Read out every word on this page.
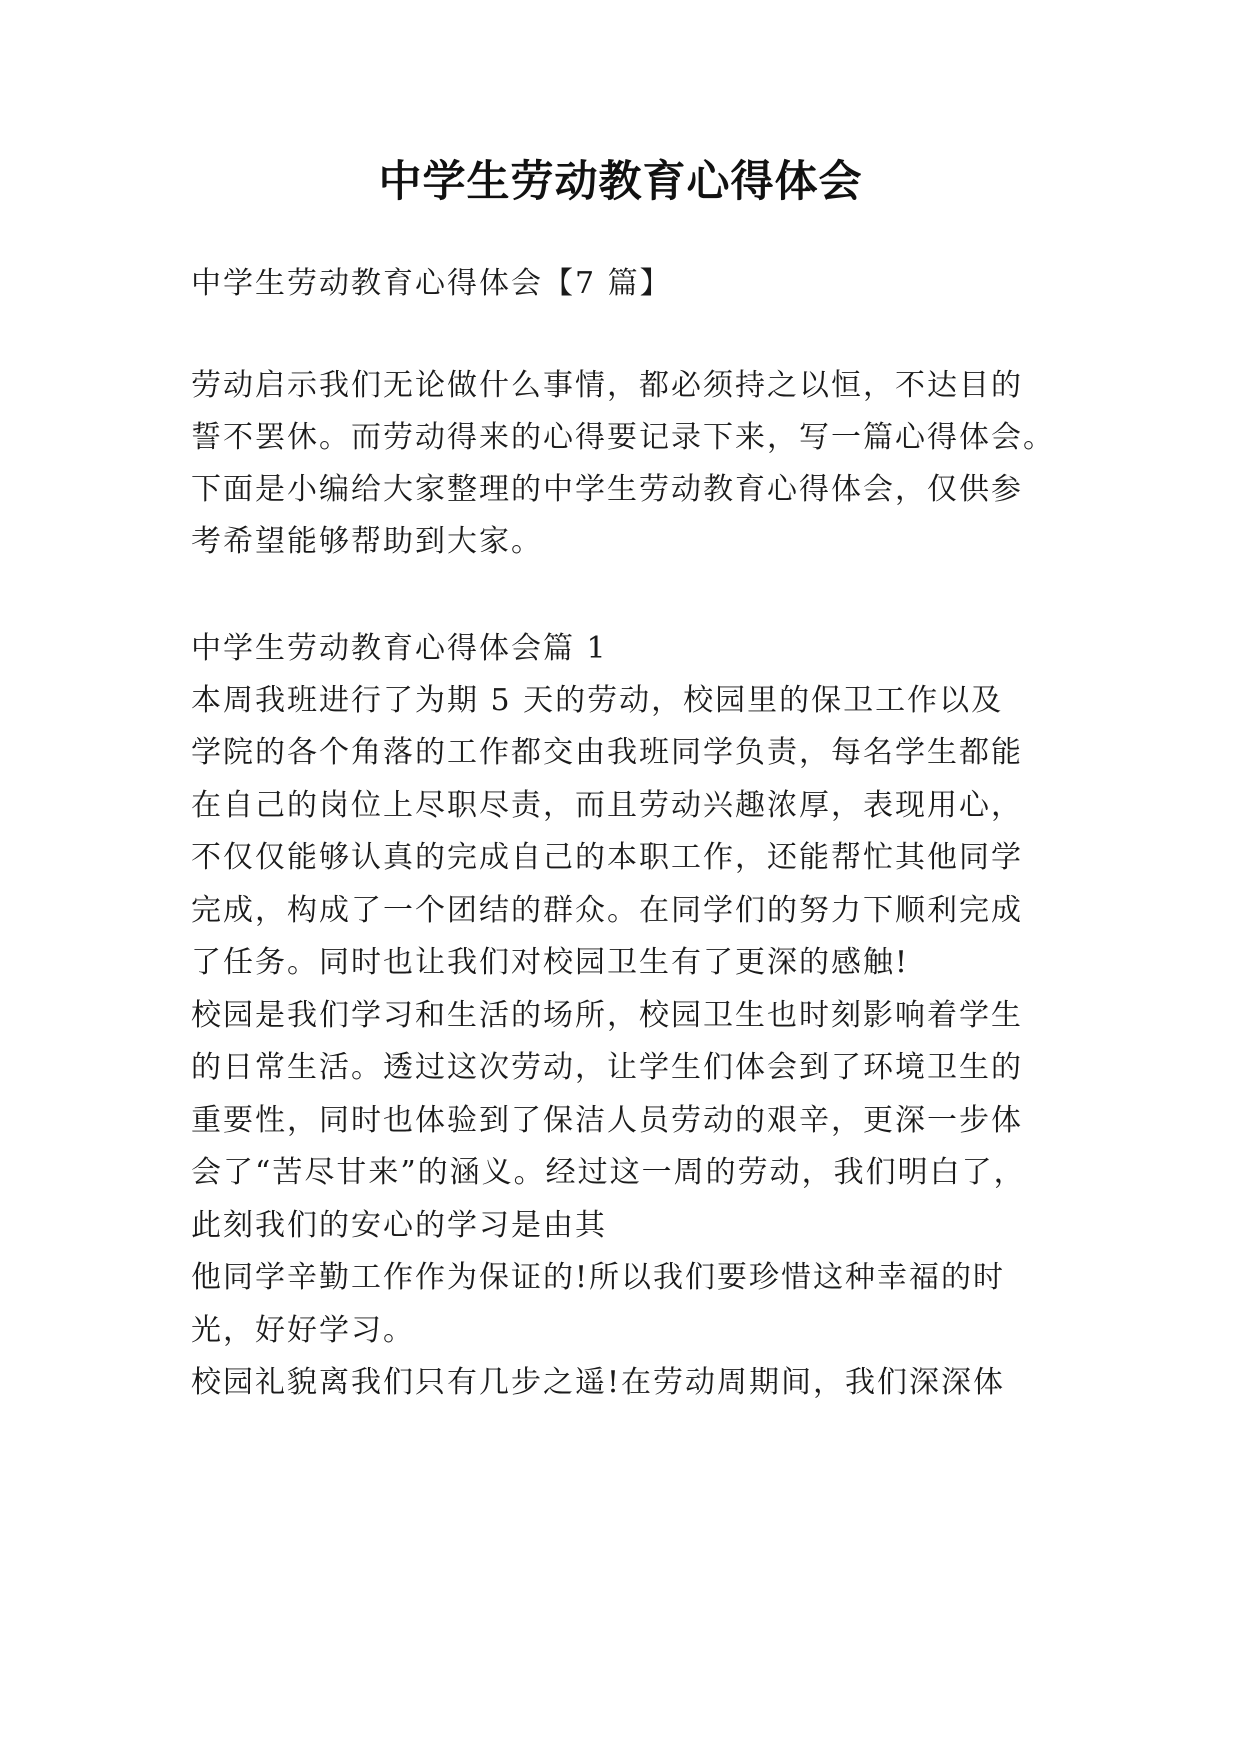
中学生劳动教育心得体会
中学生劳动教育心得体会【7 篇】
劳动启示我们无论做什么事情，都必须持之以恒，不达目的
誓不罢休。而劳动得来的心得要记录下来，写一篇心得体会。
下面是小编给大家整理的中学生劳动教育心得体会，仅供参
考希望能够帮助到大家。
中学生劳动教育心得体会篇 1
本周我班进行了为期 5 天的劳动，校园里的保卫工作以及
学院的各个角落的工作都交由我班同学负责，每名学生都能
在自己的岗位上尽职尽责，而且劳动兴趣浓厚，表现用心，
不仅仅能够认真的完成自己的本职工作，还能帮忙其他同学
完成，构成了一个团结的群众。在同学们的努力下顺利完成
了任务。同时也让我们对校园卫生有了更深的感触!
校园是我们学习和生活的场所，校园卫生也时刻影响着学生
的日常生活。透过这次劳动，让学生们体会到了环境卫生的
重要性，同时也体验到了保洁人员劳动的艰辛，更深一步体
会了“苦尽甘来”的涵义。经过这一周的劳动，我们明白了，
此刻我们的安心的学习是由其
他同学辛勤工作作为保证的!所以我们要珍惜这种幸福的时
光，好好学习。
校园礼貌离我们只有几步之遥!在劳动周期间，我们深深体
